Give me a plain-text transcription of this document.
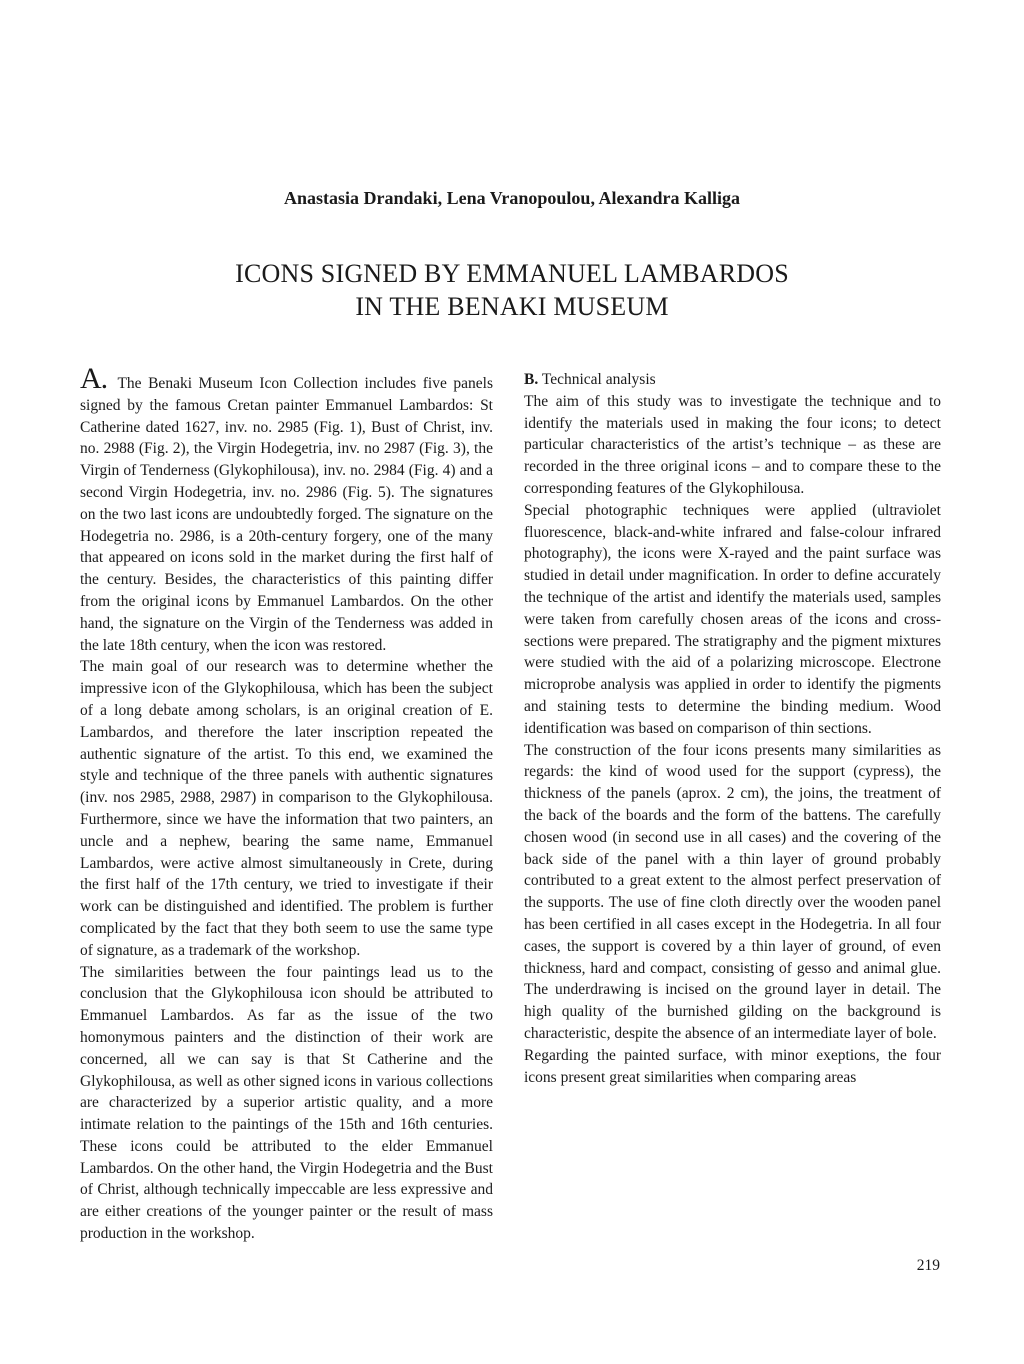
Anastasia Drandaki, Lena Vranopoulou, Alexandra Kalliga
ICONS SIGNED BY EMMANUEL LAMBARDOS
IN THE BENAKI MUSEUM

A. The Benaki Museum Icon Collection includes five panels signed by the famous Cretan painter Emmanuel Lambardos: St Catherine dated 1627, inv. no. 2985 (Fig. 1), Bust of Christ, inv. no. 2988 (Fig. 2), the Virgin Hodegetria, inv. no 2987 (Fig. 3), the Virgin of Tenderness (Glykophilousa), inv. no. 2984 (Fig. 4) and a second Virgin Hodegetria, inv. no. 2986 (Fig. 5). The signatures on the two last icons are undoubtedly forged. The signature on the Hodegetria no. 2986, is a 20th-century forgery, one of the many that appeared on icons sold in the market during the first half of the century. Besides, the characteristics of this painting differ from the original icons by Emmanuel Lambardos. On the other hand, the signature on the Virgin of the Tenderness was added in the late 18th century, when the icon was restored.

The main goal of our research was to determine whether the impressive icon of the Glykophilousa, which has been the subject of a long debate among scholars, is an original creation of E. Lambardos, and therefore the later inscription repeated the authentic signature of the artist. To this end, we examined the style and technique of the three panels with authentic signatures (inv. nos 2985, 2988, 2987) in comparison to the Glykophilousa. Furthermore, since we have the information that two painters, an uncle and a nephew, bearing the same name, Emmanuel Lambardos, were active almost simultaneously in Crete, during the first half of the 17th century, we tried to investigate if their work can be distinguished and identified. The problem is further complicated by the fact that they both seem to use the same type of signature, as a trademark of the workshop.

The similarities between the four paintings lead us to the conclusion that the Glykophilousa icon should be attributed to Emmanuel Lambardos. As far as the issue of the two homonymous painters and the distinction of their work are concerned, all we can say is that St Catherine and the Glykophilousa, as well as other signed icons in various collections are characterized by a superior artistic quality, and a more intimate relation to the paintings of the 15th and 16th centuries. These icons could be attributed to the elder Emmanuel Lambardos. On the other hand, the Virgin Hodegetria and the Bust of Christ, although technically impeccable are less expressive and are either creations of the younger painter or the result of mass production in the workshop.

B. Technical analysis

The aim of this study was to investigate the technique and to identify the materials used in making the four icons; to detect particular characteristics of the artist’s technique – as these are recorded in the three original icons – and to compare these to the corresponding features of the Glykophilousa.

Special photographic techniques were applied (ultraviolet fluorescence, black-and-white infrared and false-colour infrared photography), the icons were X-rayed and the paint surface was studied in detail under magnification. In order to define accurately the technique of the artist and identify the materials used, samples were taken from carefully chosen areas of the icons and cross-sections were prepared. The stratigraphy and the pigment mixtures were studied with the aid of a polarizing microscope. Electrone microprobe analysis was applied in order to identify the pigments and staining tests to determine the binding medium. Wood identification was based on comparison of thin sections.

The construction of the four icons presents many similarities as regards: the kind of wood used for the support (cypress), the thickness of the panels (aprox. 2 cm), the joins, the treatment of the back of the boards and the form of the battens. The carefully chosen wood (in second use in all cases) and the covering of the back side of the panel with a thin layer of ground probably contributed to a great extent to the almost perfect preservation of the supports. The use of fine cloth directly over the wooden panel has been certified in all cases except in the Hodegetria. In all four cases, the support is covered by a thin layer of ground, of even thickness, hard and compact, consisting of gesso and animal glue. The underdrawing is incised on the ground layer in detail. The high quality of the burnished gilding on the background is characteristic, despite the absence of an intermediate layer of bole.

Regarding the painted surface, with minor exeptions, the four icons present great similarities when comparing areas

219
